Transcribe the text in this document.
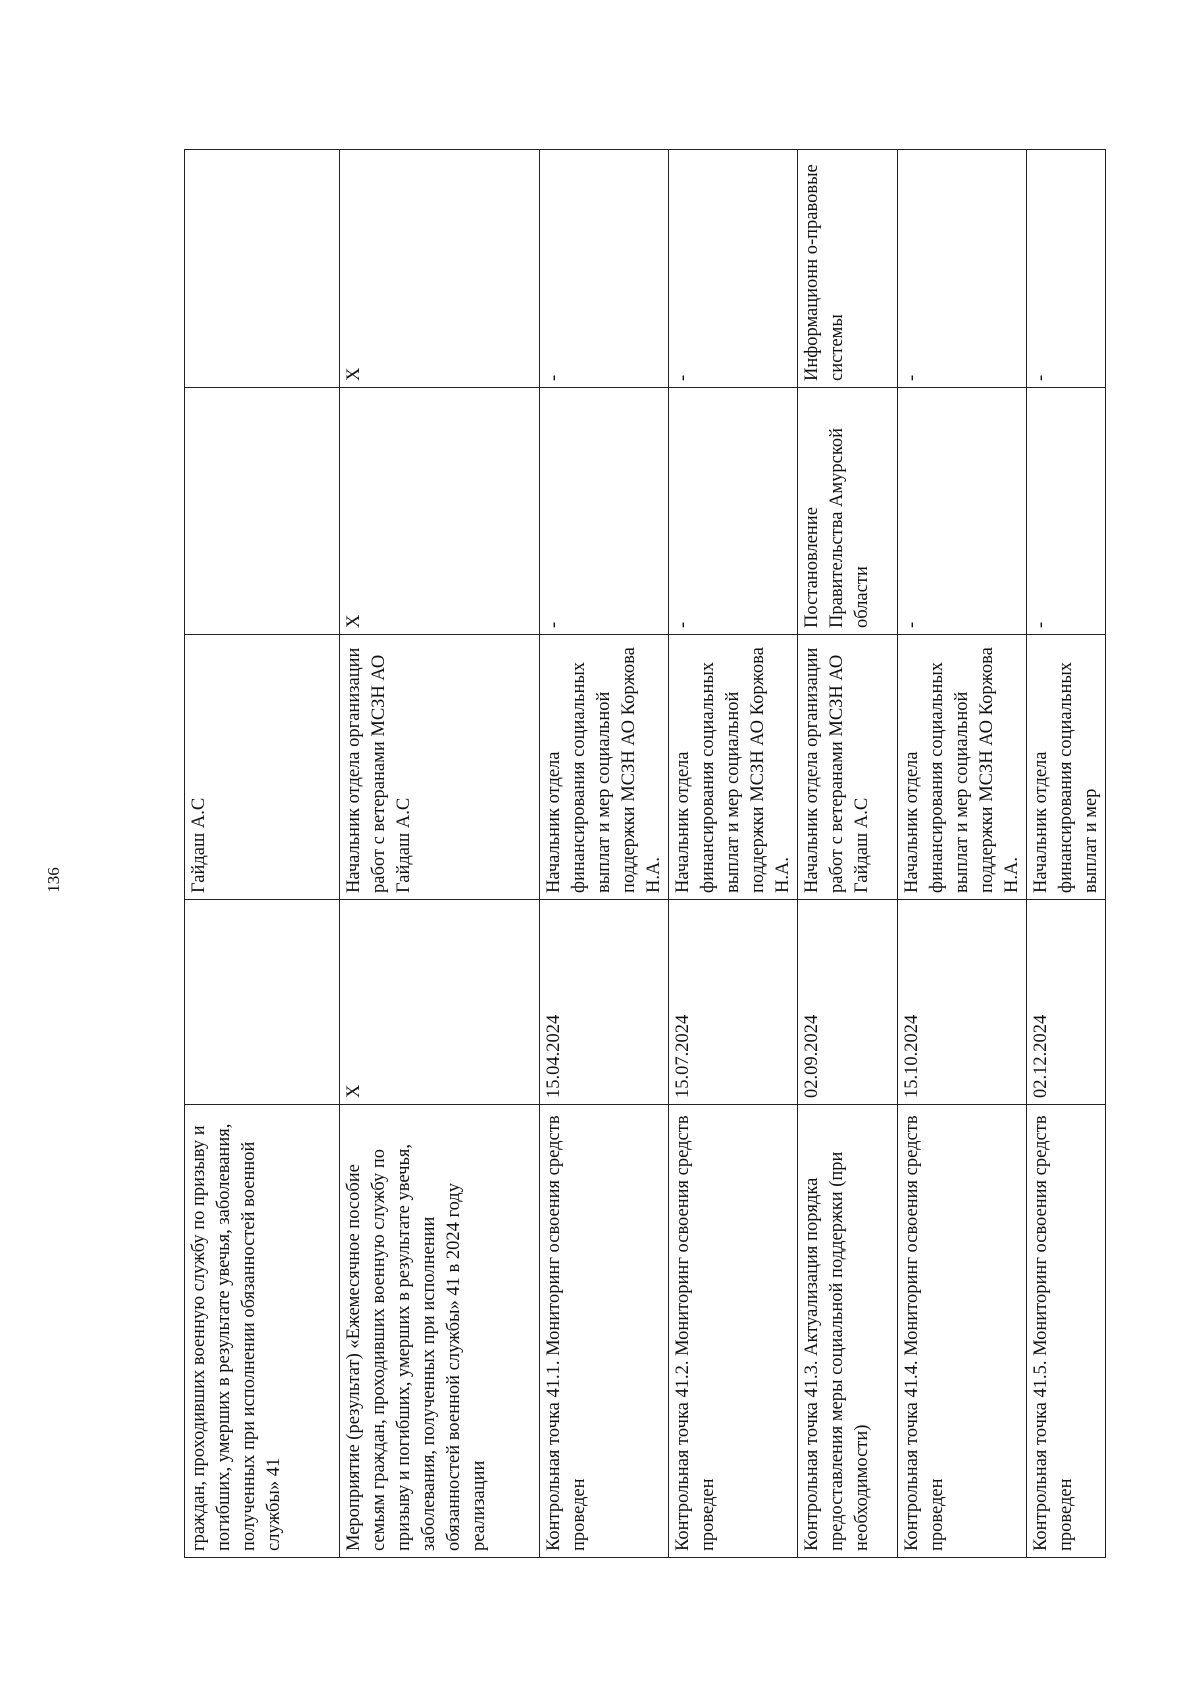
136
граждан, проходивших военную службу по призыву и погибших, умерших в результате увечья, заболевания, полученных при исполнении обязанностей военной службы» 41		Гайдаш А.С		
Мероприятие (результат) «Ежемесячное пособие семьям граждан, проходивших военную службу по призыву и погибших, умерших в результате увечья, заболевания, полученных при исполнении обязанностей военной службы» 41 в 2024 году реализации	X	Начальник отдела организации работ с ветеранами МСЗН АО Гайдаш А.С	X	X
Контрольная точка 41.1. Мониторинг освоения средств проведен	15.04.2024	Начальник отдела финансирования социальных выплат и мер социальной поддержки МСЗН АО Коржова Н.А.	-	-
Контрольная точка 41.2. Мониторинг освоения средств проведен	15.07.2024	Начальник отдела финансирования социальных выплат и мер социальной поддержки МСЗН АО Коржова Н.А.	-	-
Контрольная точка 41.3. Актуализация порядка предоставления меры социальной поддержки (при необходимости)	02.09.2024	Начальник отдела организации работ с ветеранами МСЗН АО Гайдаш А.С	Постановление Правительства Амурской области	Информационн о-правовые системы
Контрольная точка 41.4. Мониторинг освоения средств проведен	15.10.2024	Начальник отдела финансирования социальных выплат и мер социальной поддержки МСЗН АО Коржова Н.А.	-	-
Контрольная точка 41.5. Мониторинг освоения средств проведен	02.12.2024	Начальник отдела финансирования социальных выплат и мер	-	-
